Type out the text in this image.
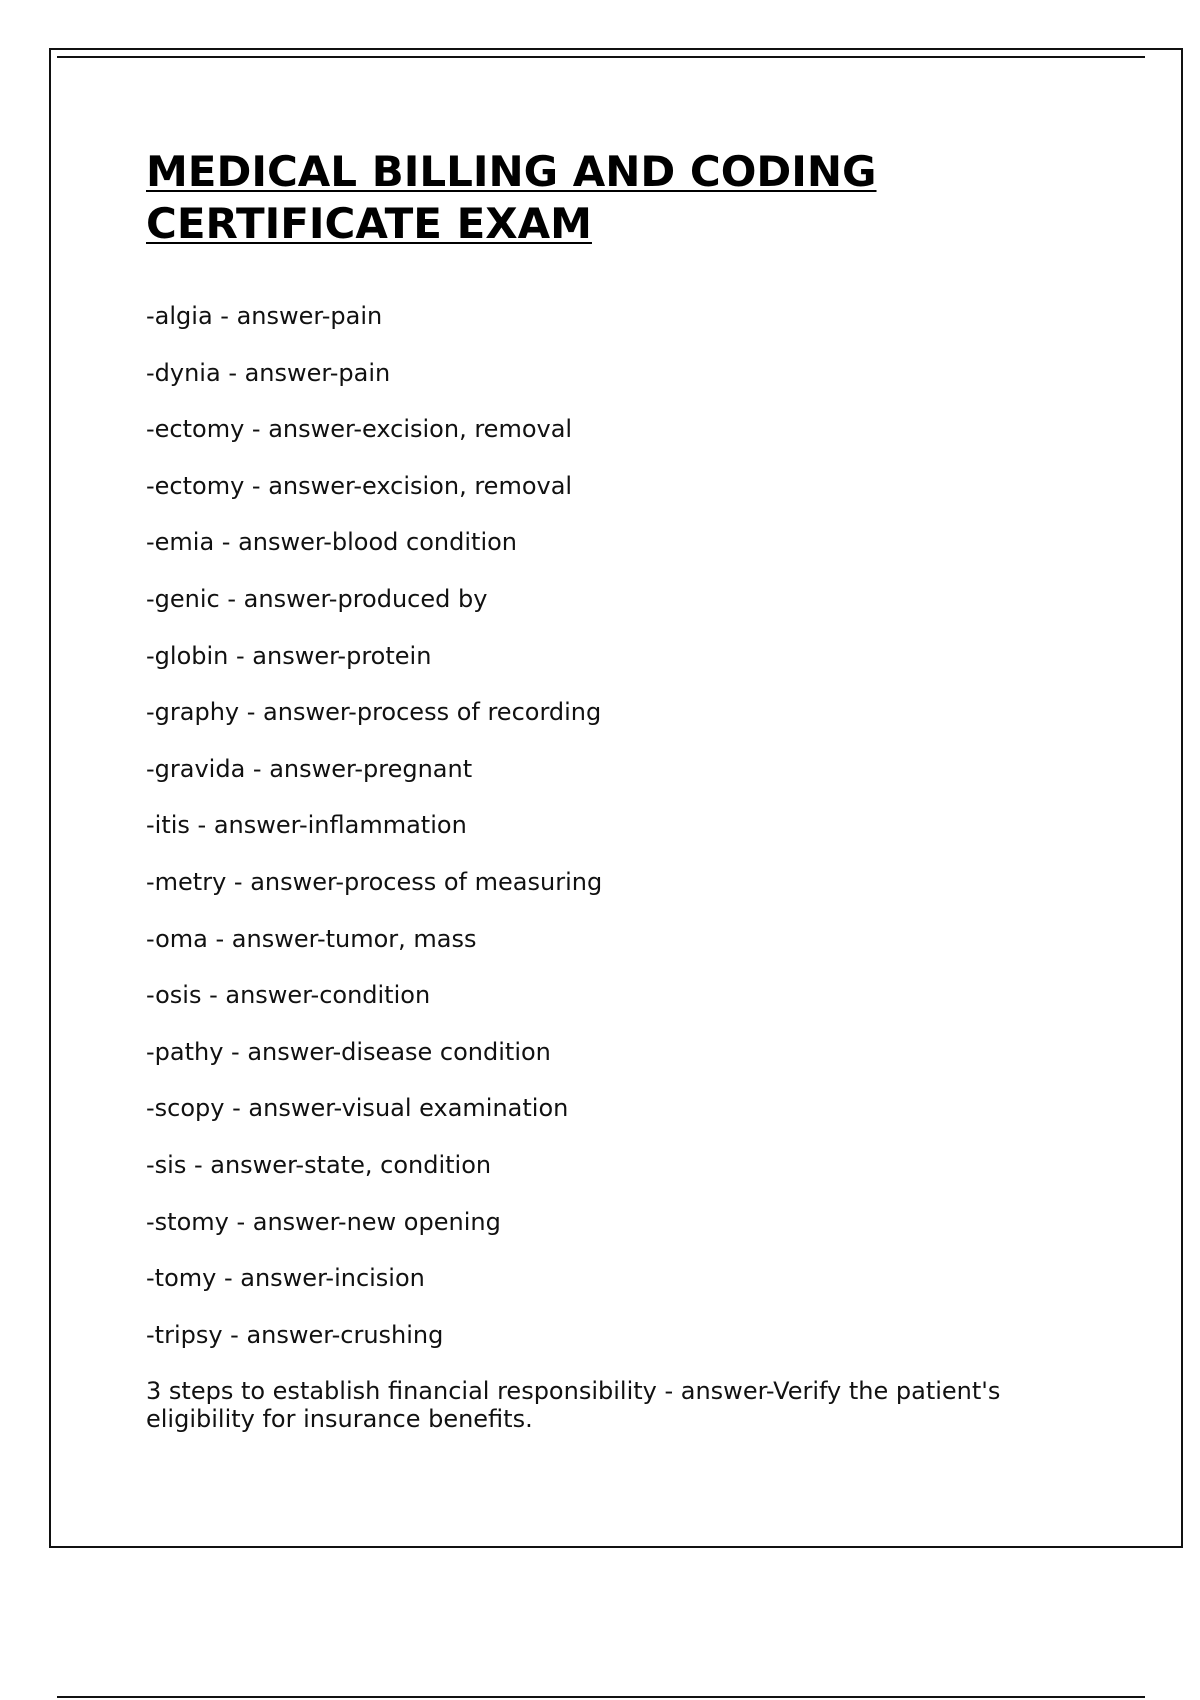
MEDICAL BILLING AND CODING
CERTIFICATE EXAM
-algia - answer-pain
-dynia - answer-pain
-ectomy - answer-excision, removal
-ectomy - answer-excision, removal
-emia - answer-blood condition
-genic - answer-produced by
-globin - answer-protein
-graphy - answer-process of recording
-gravida - answer-pregnant
-itis - answer-inflammation
-metry - answer-process of measuring
-oma - answer-tumor, mass
-osis - answer-condition
-pathy - answer-disease condition
-scopy - answer-visual examination
-sis - answer-state, condition
-stomy - answer-new opening
-tomy - answer-incision
-tripsy - answer-crushing
3 steps to establish financial responsibility - answer-Verify the patient's eligibility for insurance benefits.
